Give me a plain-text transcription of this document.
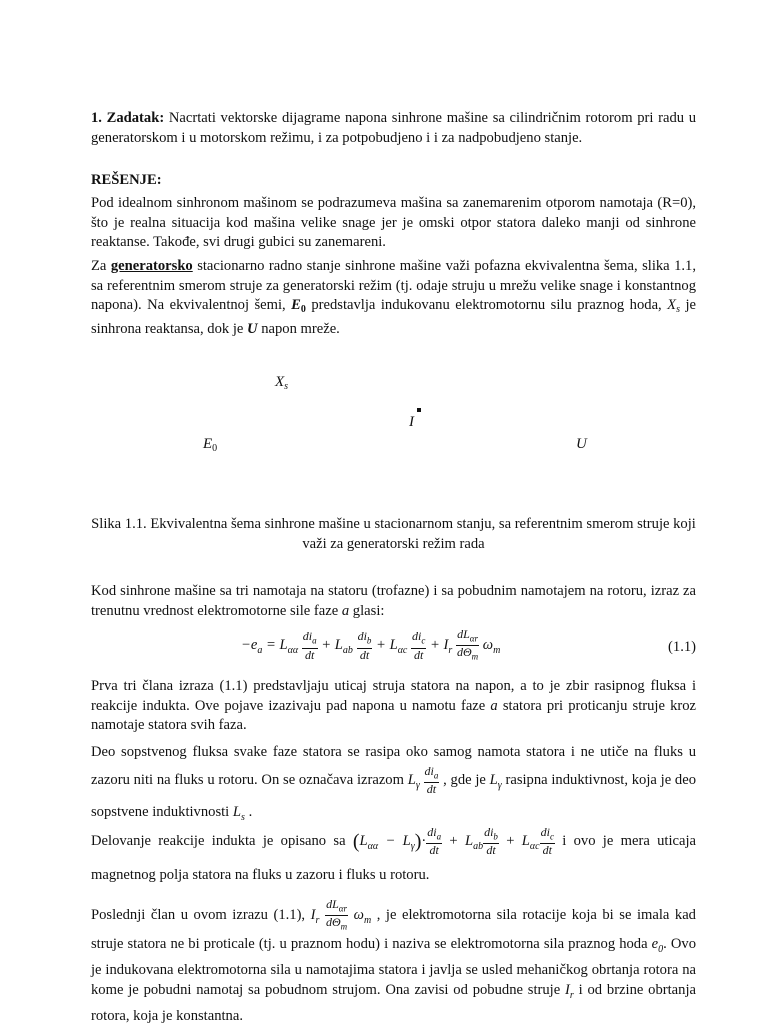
1. Zadatak: Nacrtati vektorske dijagrame napona sinhrone mašine sa cilindričnim rotorom pri radu u generatorskom i u motorskom režimu, i za potpobudjeno i i za nadpobudjeno stanje.
REŠENJE:
Pod idealnom sinhronom mašinom se podrazumeva mašina sa zanemarenim otporom namotaja (R=0), što je realna situacija kod mašina velike snage jer je omski otpor statora daleko manji od sinhrone reaktanse. Takođe, svi drugi gubici su zanemareni.
Za generatorsko stacionarno radno stanje sinhrone mašine važi pofazna ekvivalentna šema, slika 1.1, sa referentnim smerom struje za generatorski režim (tj. odaje struju u mrežu velike snage i konstantnog napona). Na ekvivalentnoj šemi, $E_0$ predstavlja indukovanu elektromotornu silu praznog hoda, $X_s$ je sinhrona reaktansa, dok je U napon mreže.
$X_s$
I
$E_0$	U
Slika 1.1. Ekvivalentna šema sinhrone mašine u stacionarnom stanju, sa referentnim smerom struje koji važi za generatorski režim rada
Kod sinhrone mašine sa tri namotaja na statoru (trofazne) i sa pobudnim namotajem na rotoru, izraz za trenutnu vrednost elektromotorne sile faze a glasi:
$-e_a = L_{\alpha\alpha} \frac{di_a}{dt} + L_{ab} \frac{di_b}{dt} + L_{\alpha c} \frac{di_c}{dt} + I_r \frac{dL_{\alpha r}}{d\Theta_m} \omega_m$	(1.1)
Prva tri člana izraza (1.1) predstavljaju uticaj struja statora na napon, a to je zbir rasipnog fluksa i reakcije indukta. Ove pojave izazivaju pad napona u namotu faze a statora pri proticanju struje kroz namotaje statora svih faza.
Deo sopstvenog fluksa svake faze statora se rasipa oko samog namota statora i ne utiče na fluks u zazoru niti na fluks u rotoru. On se označava izrazom $L_\gamma \frac{di_a}{dt}$ , gde je $L_\gamma$ rasipna induktivnost, koja je deo sopstvene induktivnosti $L_s$ .
Delovanje reakcije indukta je opisano sa $(L_{\alpha\alpha} - L_\gamma)\cdot \frac{di_a}{dt} + L_{ab} \frac{di_b}{dt} + L_{\alpha c} \frac{di_c}{dt}$ i ovo je mera uticaja magnetnog polja statora na fluks u zazoru i fluks u rotoru.
Poslednji član u ovom izrazu (1.1), $I_r \frac{dL_{\alpha r}}{d\Theta_m} \omega_m$ , je elektromotorna sila rotacije koja bi se imala kad struje statora ne bi proticale (tj. u praznom hodu) i naziva se elektromotorna sila praznog hoda $e_0$. Ovo je indukovana elektromotorna sila u namotajima statora i javlja se usled mehaničkog obrtanja rotora na kome je pobudni namotaj sa pobudnom strujom. Ona zavisi od pobudne struje $I_r$ i od brzine obrtanja rotora, koja je konstantna.
